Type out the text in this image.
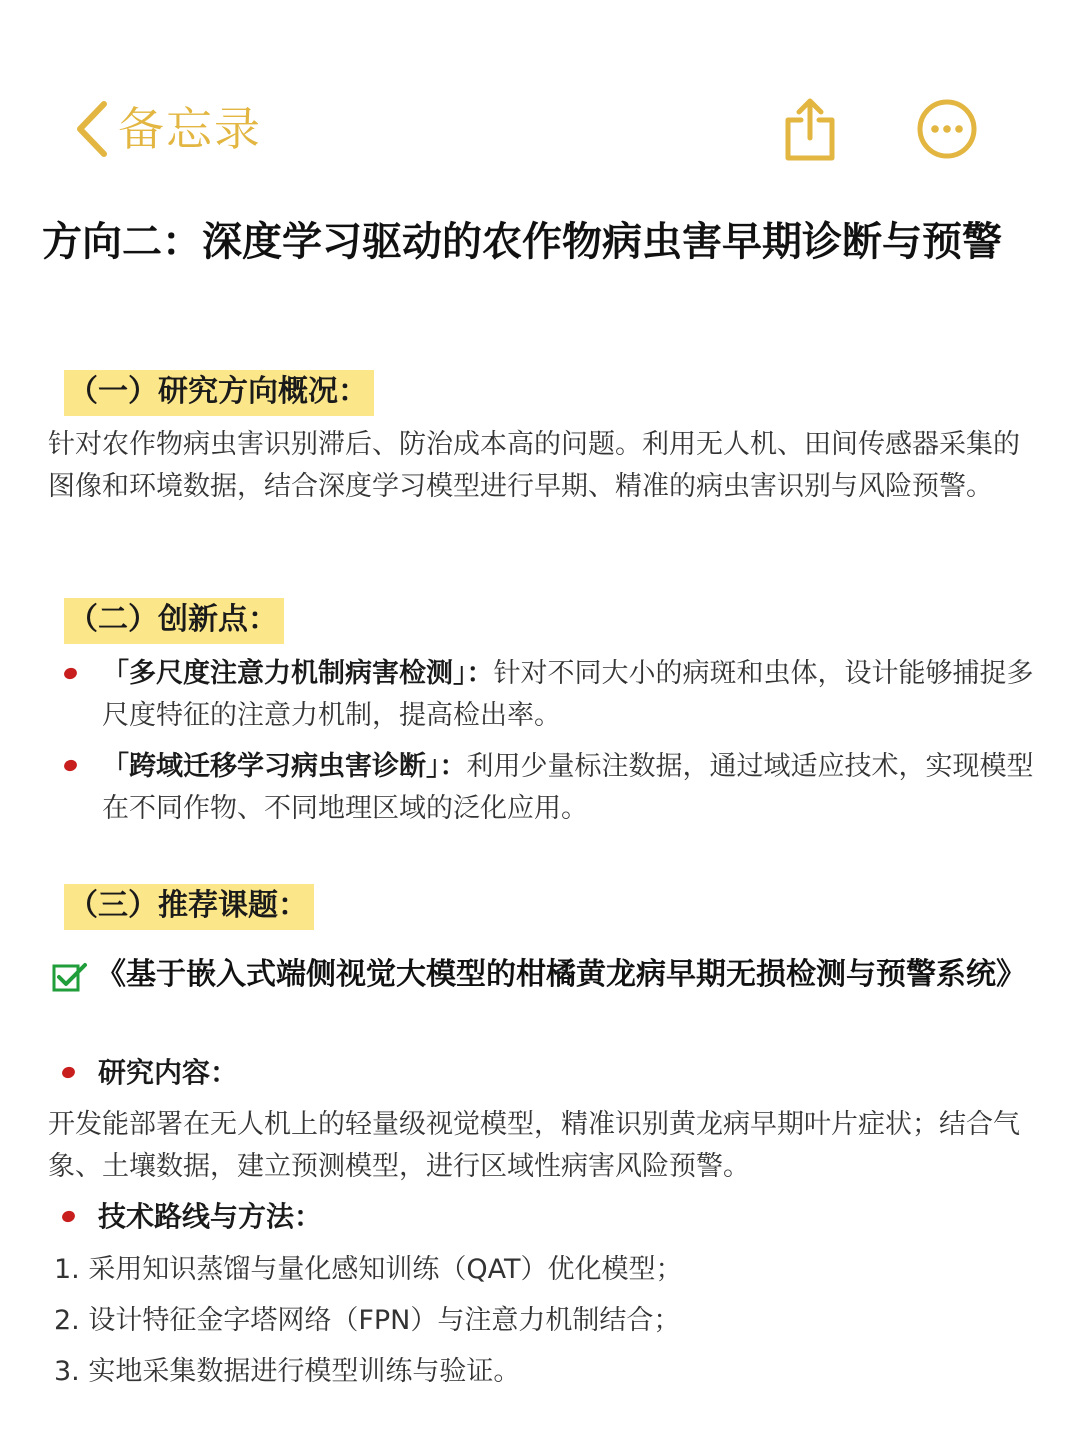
备忘录
方向二：深度学习驱动的农作物病虫害早期诊断与预警
（一）研究方向概况：

针对农作物病虫害识别滞后、防治成本高的问题。利用无人机、田间传感器采集的图像和环境数据，结合深度学习模型进行早期、精准的病虫害识别与风险预警。

（二）创新点：

「多尺度注意力机制病害检测」：针对不同大小的病斑和虫体，设计能够捕捉多尺度特征的注意力机制，提高检出率。

「跨域迁移学习病虫害诊断」：利用少量标注数据，通过域适应技术，实现模型在不同作物、不同地理区域的泛化应用。

（三）推荐课题：

《基于嵌入式端侧视觉大模型的柑橘黄龙病早期无损检测与预警系统》

研究内容：

开发能部署在无人机上的轻量级视觉模型，精准识别黄龙病早期叶片症状；结合气象、土壤数据，建立预测模型，进行区域性病害风险预警。

技术路线与方法：

1. 采用知识蒸馏与量化感知训练（QAT）优化模型；

2. 设计特征金字塔网络（FPN）与注意力机制结合；

3. 实地采集数据进行模型训练与验证。
